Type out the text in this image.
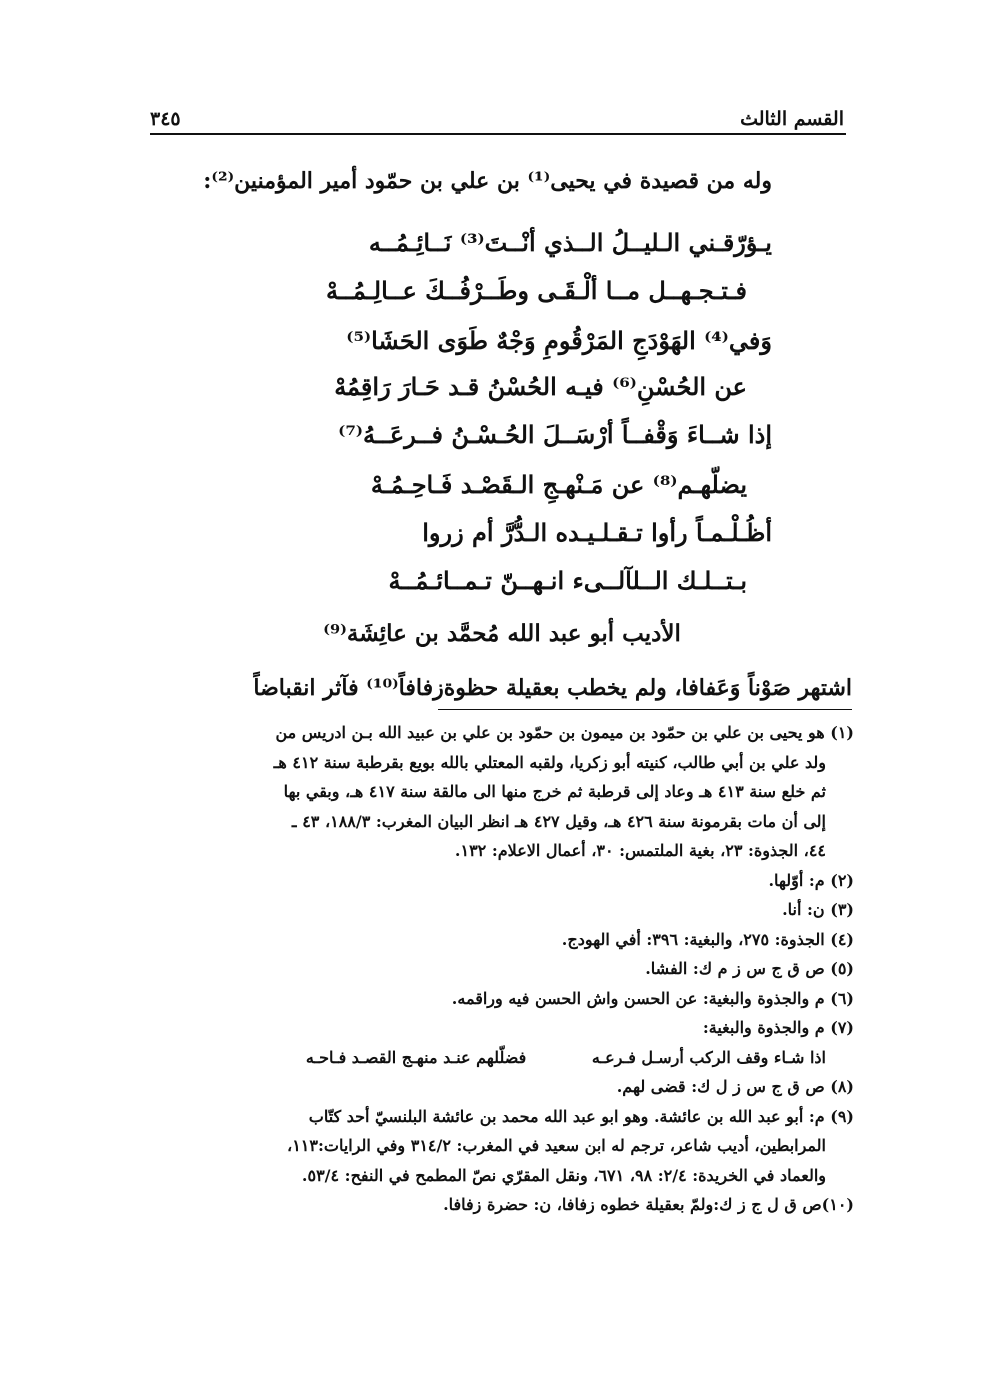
القسم الثالث
٣٤٥

وله من قصيدة في يحيى⁽¹⁾ بن علي بن حمّود أمير المؤمنين⁽²⁾:

يـؤرّقـني الـليــلُ الــذي أنْــتَ⁽³⁾ نَــائِـمُــه

فـتـجـهــل مــا ألْـقَـى وطَــرْفُــكَ عــالِـمُــهْ

وَفي⁽⁴⁾ الهَوْدَجِ المَرْقُومِ وَجْهٌ طَوَى الحَشَا⁽⁵⁾

عن الحُسْنِ⁽⁶⁾ فيـه الحُسْنُ قـد حَـارَ رَاقِمُهْ

إذا شــاءَ وَقْفــاً أرْسَــلَ الحُـسْـنُ فــرعَــهُ⁽⁷⁾

يضلّهـم⁽⁸⁾ عن مَـنْهـجِ الـقَصْـد فَـاحِـمُـهْ

أظُـلْـمـاً رأوا تـقـلـيـده الـدُّرَّ أم زروا

بـتــلـك الــلآلــىء انـهــنّ تـمــائـمُــهْ

الأديب أبو عبد الله مُحمَّد بن عائِشَة⁽⁹⁾

اشتهر صَوْناً وَعَفافا، ولم يخطب بعقيلة حظوةزفافاً⁽¹⁰⁾ فآثر انقباضاً

(١) هو يحيى بن علي بن حمّود بن ميمون بن حمّود بن علي بن عبيد الله بـن ادريس من
ولد علي بن أبي طالب، كنيته أبو زكريا، ولقبه المعتلي بالله بويع بقرطبة سنة ٤١٢ هـ
ثم خلع سنة ٤١٣ هـ وعاد إلى قرطبة ثم خرج منها الى مالقة سنة ٤١٧ هـ، وبقي بها
إلى أن مات بقرمونة سنة ٤٢٦ هـ، وقيل ٤٢٧ هـ انظر البيان المغرب: ١٨٨/٣، ٤٣ ـ
٤٤، الجذوة: ٢٣، بغية الملتمس: ٣٠، أعمال الاعلام: ١٣٢.
(٢) م: أوّلها.
(٣) ن: أنا.
(٤) الجذوة: ٢٧٥، والبغية: ٣٩٦: أفي الهودج.
(٥) ص ق ج س ز م ك: الفشا.
(٦) م والجذوة والبغية: عن الحسن واش الحسن فيه وراقمه.
(٧) م والجذوة والبغية:
اذا شـاء وقف الركب أرسـل فـرعـه فضلّلهم عنـد منهـج القصـد فـاحـه
(٨) ص ق ج س ز ل ك: قضى لهم.
(٩) م: أبو عبد الله بن عائشة. وهو ابو عبد الله محمد بن عائشة البلنسيّ أحد كتّاب
المرابطين، أديب شاعر، ترجم له ابن سعيد في المغرب: ٣١٤/٢ وفي الرايات:١١٣،
والعماد في الخريدة: ٢/٤: ٩٨، ٦٧١، ونقل المقرّي نصّ المطمح في النفح: ٥٣/٤.
(١٠)ص ق ل ج ز ك:ولمّ بعقيلة خطوه زفافا، ن: حضرة زفافا.
